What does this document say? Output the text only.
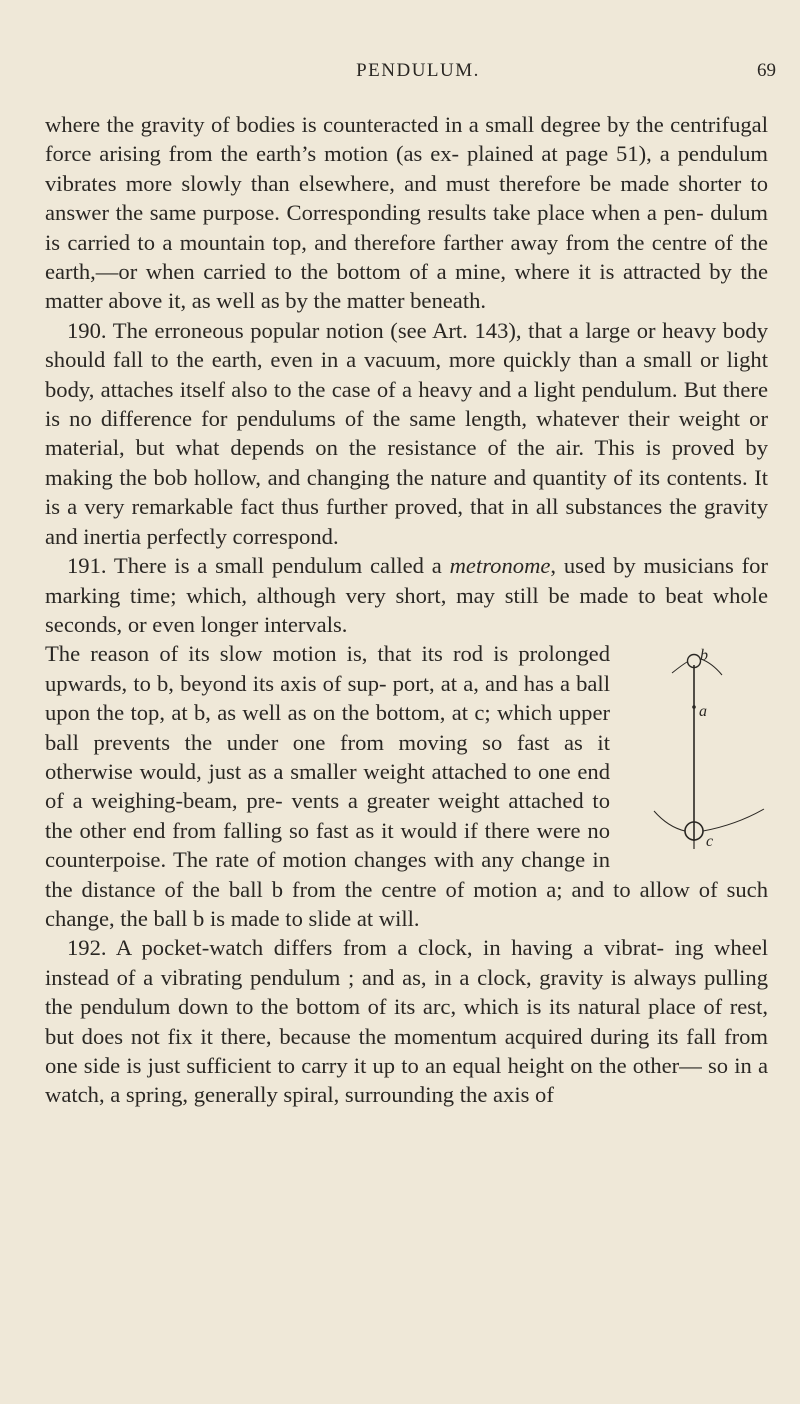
PENDULUM.	69

where the gravity of bodies is counteracted in a small degree by the centrifugal force arising from the earth’s motion (as ex- plained at page 51), a pendulum vibrates more slowly than elsewhere, and must therefore be made shorter to answer the same purpose. Corresponding results take place when a pen- dulum is carried to a mountain top, and therefore farther away from the centre of the earth,—or when carried to the bottom of a mine, where it is attracted by the matter above it, as well as by the matter beneath.

190. The erroneous popular notion (see Art. 143), that a large or heavy body should fall to the earth, even in a vacuum, more quickly than a small or light body, attaches itself also to the case of a heavy and a light pendulum. But there is no difference for pendulums of the same length, whatever their weight or material, but what depends on the resistance of the air. This is proved by making the bob hollow, and changing the nature and quantity of its contents. It is a very remarkable fact thus further proved, that in all substances the gravity and inertia perfectly correspond.

191. There is a small pendulum called a metronome, used by musicians for marking time; which, although very short, may still be made to beat whole seconds, or even longer intervals.

b
a
c
The reason of its slow motion is, that its rod is prolonged upwards, to b, beyond its axis of sup- port, at a, and has a ball upon the top, at b, as well as on the bottom, at c; which upper ball prevents the under one from moving so fast as it otherwise would, just as a smaller weight attached to one end of a weighing-beam, pre- vents a greater weight attached to the other end from falling so fast as it would if there were no counterpoise. The rate of motion changes with any change in the distance of the ball b from the centre of motion a; and to allow of such change, the ball b is made to slide at will.

192. A pocket-watch differs from a clock, in having a vibrat- ing wheel instead of a vibrating pendulum ; and as, in a clock, gravity is always pulling the pendulum down to the bottom of its arc, which is its natural place of rest, but does not fix it there, because the momentum acquired during its fall from one side is just sufficient to carry it up to an equal height on the other— so in a watch, a spring, generally spiral, surrounding the axis of
